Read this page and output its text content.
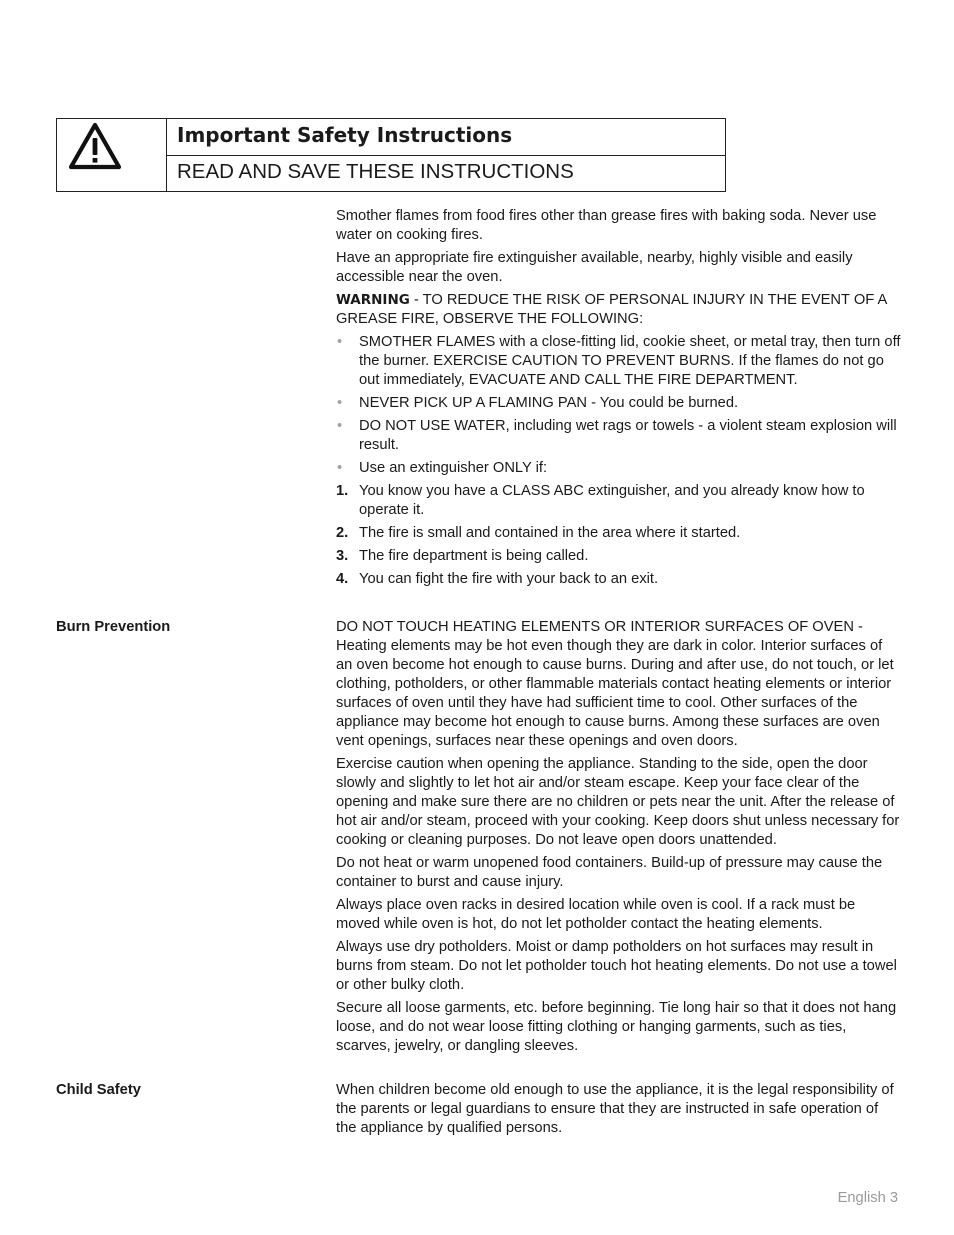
Important Safety Instructions
READ AND SAVE THESE INSTRUCTIONS

Smother flames from food fires other than grease fires with baking soda. Never use water on cooking fires.

Have an appropriate fire extinguisher available, nearby, highly visible and easily accessible near the oven.

WARNING - TO REDUCE THE RISK OF PERSONAL INJURY IN THE EVENT OF A GREASE FIRE, OBSERVE THE FOLLOWING:

• SMOTHER FLAMES with a close-fitting lid, cookie sheet, or metal tray, then turn off the burner. EXERCISE CAUTION TO PREVENT BURNS. If the flames do not go out immediately, EVACUATE AND CALL THE FIRE DEPARTMENT.
• NEVER PICK UP A FLAMING PAN - You could be burned.
• DO NOT USE WATER, including wet rags or towels - a violent steam explosion will result.
• Use an extinguisher ONLY if:
1. You know you have a CLASS ABC extinguisher, and you already know how to operate it.
2. The fire is small and contained in the area where it started.
3. The fire department is being called.
4. You can fight the fire with your back to an exit.
Burn Prevention	DO NOT TOUCH HEATING ELEMENTS OR INTERIOR SURFACES OF OVEN - Heating elements may be hot even though they are dark in color. Interior surfaces of an oven become hot enough to cause burns. During and after use, do not touch, or let clothing, potholders, or other flammable materials contact heating elements or interior surfaces of oven until they have had sufficient time to cool. Other surfaces of the appliance may become hot enough to cause burns. Among these surfaces are oven vent openings, surfaces near these openings and oven doors.

Exercise caution when opening the appliance. Standing to the side, open the door slowly and slightly to let hot air and/or steam escape. Keep your face clear of the opening and make sure there are no children or pets near the unit. After the release of hot air and/or steam, proceed with your cooking. Keep doors shut unless necessary for cooking or cleaning purposes. Do not leave open doors unattended.

Do not heat or warm unopened food containers. Build-up of pressure may cause the container to burst and cause injury.

Always place oven racks in desired location while oven is cool. If a rack must be moved while oven is hot, do not let potholder contact the heating elements.

Always use dry potholders. Moist or damp potholders on hot surfaces may result in burns from steam. Do not let potholder touch hot heating elements. Do not use a towel or other bulky cloth.

Secure all loose garments, etc. before beginning. Tie long hair so that it does not hang loose, and do not wear loose fitting clothing or hanging garments, such as ties, scarves, jewelry, or dangling sleeves.

Child Safety	When children become old enough to use the appliance, it is the legal responsibility of the parents or legal guardians to ensure that they are instructed in safe operation of the appliance by qualified persons.

English 3
